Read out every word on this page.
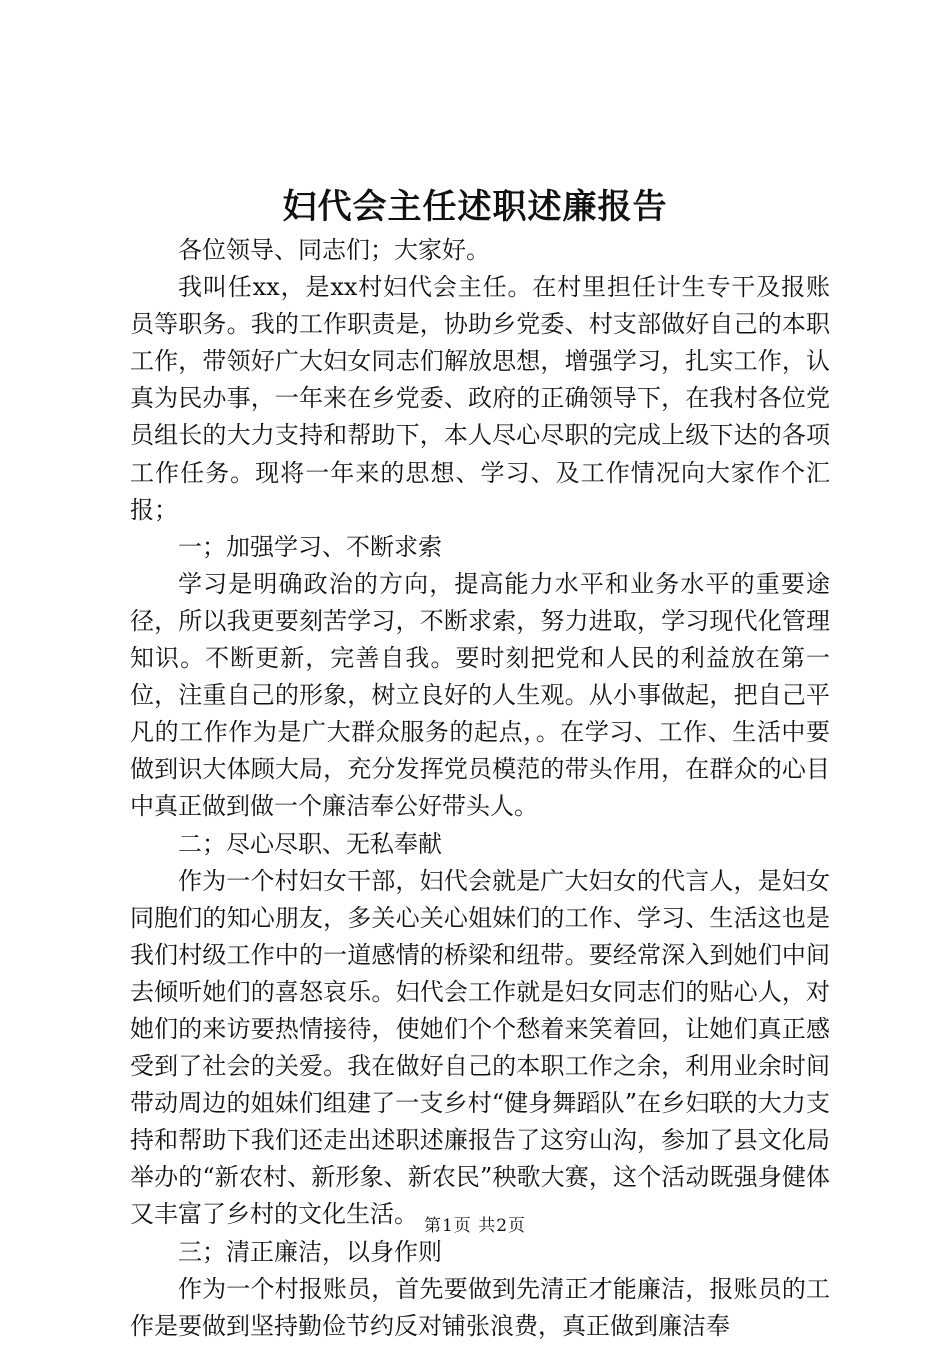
妇代会主任述职述廉报告

各位领导、同志们；大家好。

我叫任xx，是xx村妇代会主任。在村里担任计生专干及报账员等职务。我的工作职责是，协助乡党委、村支部做好自己的本职工作，带领好广大妇女同志们解放思想，增强学习，扎实工作，认真为民办事，一年来在乡党委、政府的正确领导下，在我村各位党员组长的大力支持和帮助下，本人尽心尽职的完成上级下达的各项工作任务。现将一年来的思想、学习、及工作情况向大家作个汇报；

一；加强学习、不断求索

学习是明确政治的方向，提高能力水平和业务水平的重要途径，所以我更要刻苦学习，不断求索，努力进取，学习现代化管理知识。不断更新，完善自我。要时刻把党和人民的利益放在第一位，注重自己的形象，树立良好的人生观。从小事做起，把自己平凡的工作作为是广大群众服务的起点，。在学习、工作、生活中要做到识大体顾大局，充分发挥党员模范的带头作用，在群众的心目中真正做到做一个廉洁奉公好带头人。

二；尽心尽职、无私奉献

作为一个村妇女干部，妇代会就是广大妇女的代言人，是妇女同胞们的知心朋友，多关心关心姐妹们的工作、学习、生活这也是我们村级工作中的一道感情的桥梁和纽带。要经常深入到她们中间去倾听她们的喜怒哀乐。妇代会工作就是妇女同志们的贴心人，对她们的来访要热情接待，使她们个个愁着来笑着回，让她们真正感受到了社会的关爱。我在做好自己的本职工作之余，利用业余时间带动周边的姐妹们组建了一支乡村“健身舞蹈队”在乡妇联的大力支持和帮助下我们还走出述职述廉报告了这穷山沟，参加了县文化局举办的“新农村、新形象、新农民”秧歌大赛，这个活动既强身健体又丰富了乡村的文化生活。

三；清正廉洁，以身作则

作为一个村报账员，首先要做到先清正才能廉洁，报账员的工作是要做到坚持勤俭节约反对铺张浪费，真正做到廉洁奉

第1页 共2页
